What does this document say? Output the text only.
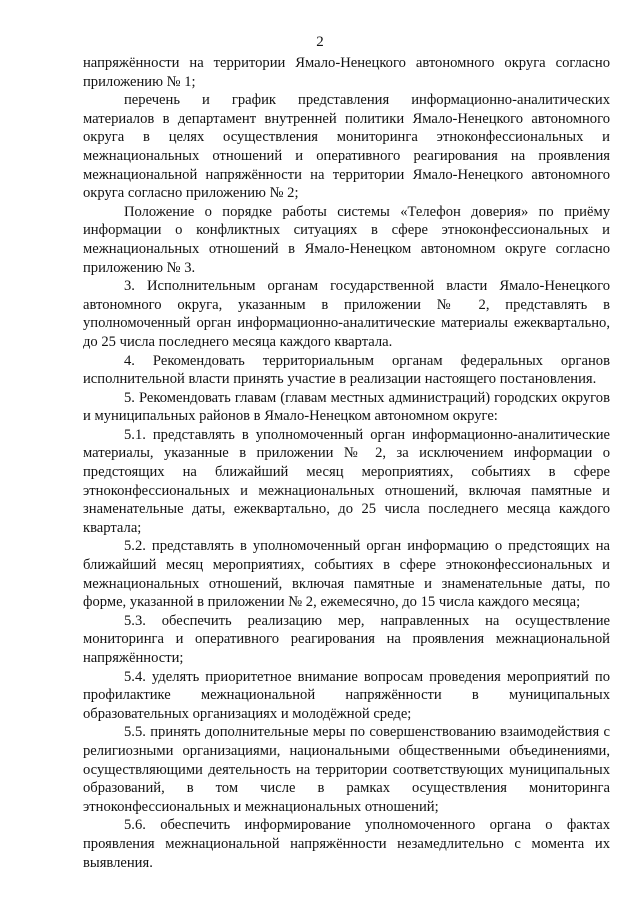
2

напряжённости на территории Ямало-Ненецкого автономного округа согласно приложению № 1;

перечень и график представления информационно-аналитических материалов в департамент внутренней политики Ямало-Ненецкого автономного округа в целях осуществления мониторинга этноконфессиональных и межнациональных отношений и оперативного реагирования на проявления межнациональной напряжённости на территории Ямало-Ненецкого автономного округа согласно приложению № 2;

Положение о порядке работы системы «Телефон доверия» по приёму информации о конфликтных ситуациях в сфере этноконфессиональных и межнациональных отношений в Ямало-Ненецком автономном округе согласно приложению № 3.

3. Исполнительным органам государственной власти Ямало-Ненецкого автономного округа, указанным в приложении № 2, представлять в уполномоченный орган информационно-аналитические материалы ежеквартально, до 25 числа последнего месяца каждого квартала.

4. Рекомендовать территориальным органам федеральных органов исполнительной власти принять участие в реализации настоящего постановления.

5. Рекомендовать главам (главам местных администраций) городских округов и муниципальных районов в Ямало-Ненецком автономном округе:

5.1. представлять в уполномоченный орган информационно-аналитические материалы, указанные в приложении № 2, за исключением информации о предстоящих на ближайший месяц мероприятиях, событиях в сфере этноконфессиональных и межнациональных отношений, включая памятные и знаменательные даты, ежеквартально, до 25 числа последнего месяца каждого квартала;

5.2. представлять в уполномоченный орган информацию о предстоящих на ближайший месяц мероприятиях, событиях в сфере этноконфессиональных и межнациональных отношений, включая памятные и знаменательные даты, по форме, указанной в приложении № 2, ежемесячно, до 15 числа каждого месяца;

5.3. обеспечить реализацию мер, направленных на осуществление мониторинга и оперативного реагирования на проявления межнациональной напряжённости;

5.4. уделять приоритетное внимание вопросам проведения мероприятий по профилактике межнациональной напряжённости в муниципальных образовательных организациях и молодёжной среде;

5.5. принять дополнительные меры по совершенствованию взаимодействия с религиозными организациями, национальными общественными объединениями, осуществляющими деятельность на территории соответствующих муниципальных образований, в том числе в рамках осуществления мониторинга этноконфессиональных и межнациональных отношений;

5.6. обеспечить информирование уполномоченного органа о фактах проявления межнациональной напряжённости незамедлительно с момента их выявления.
